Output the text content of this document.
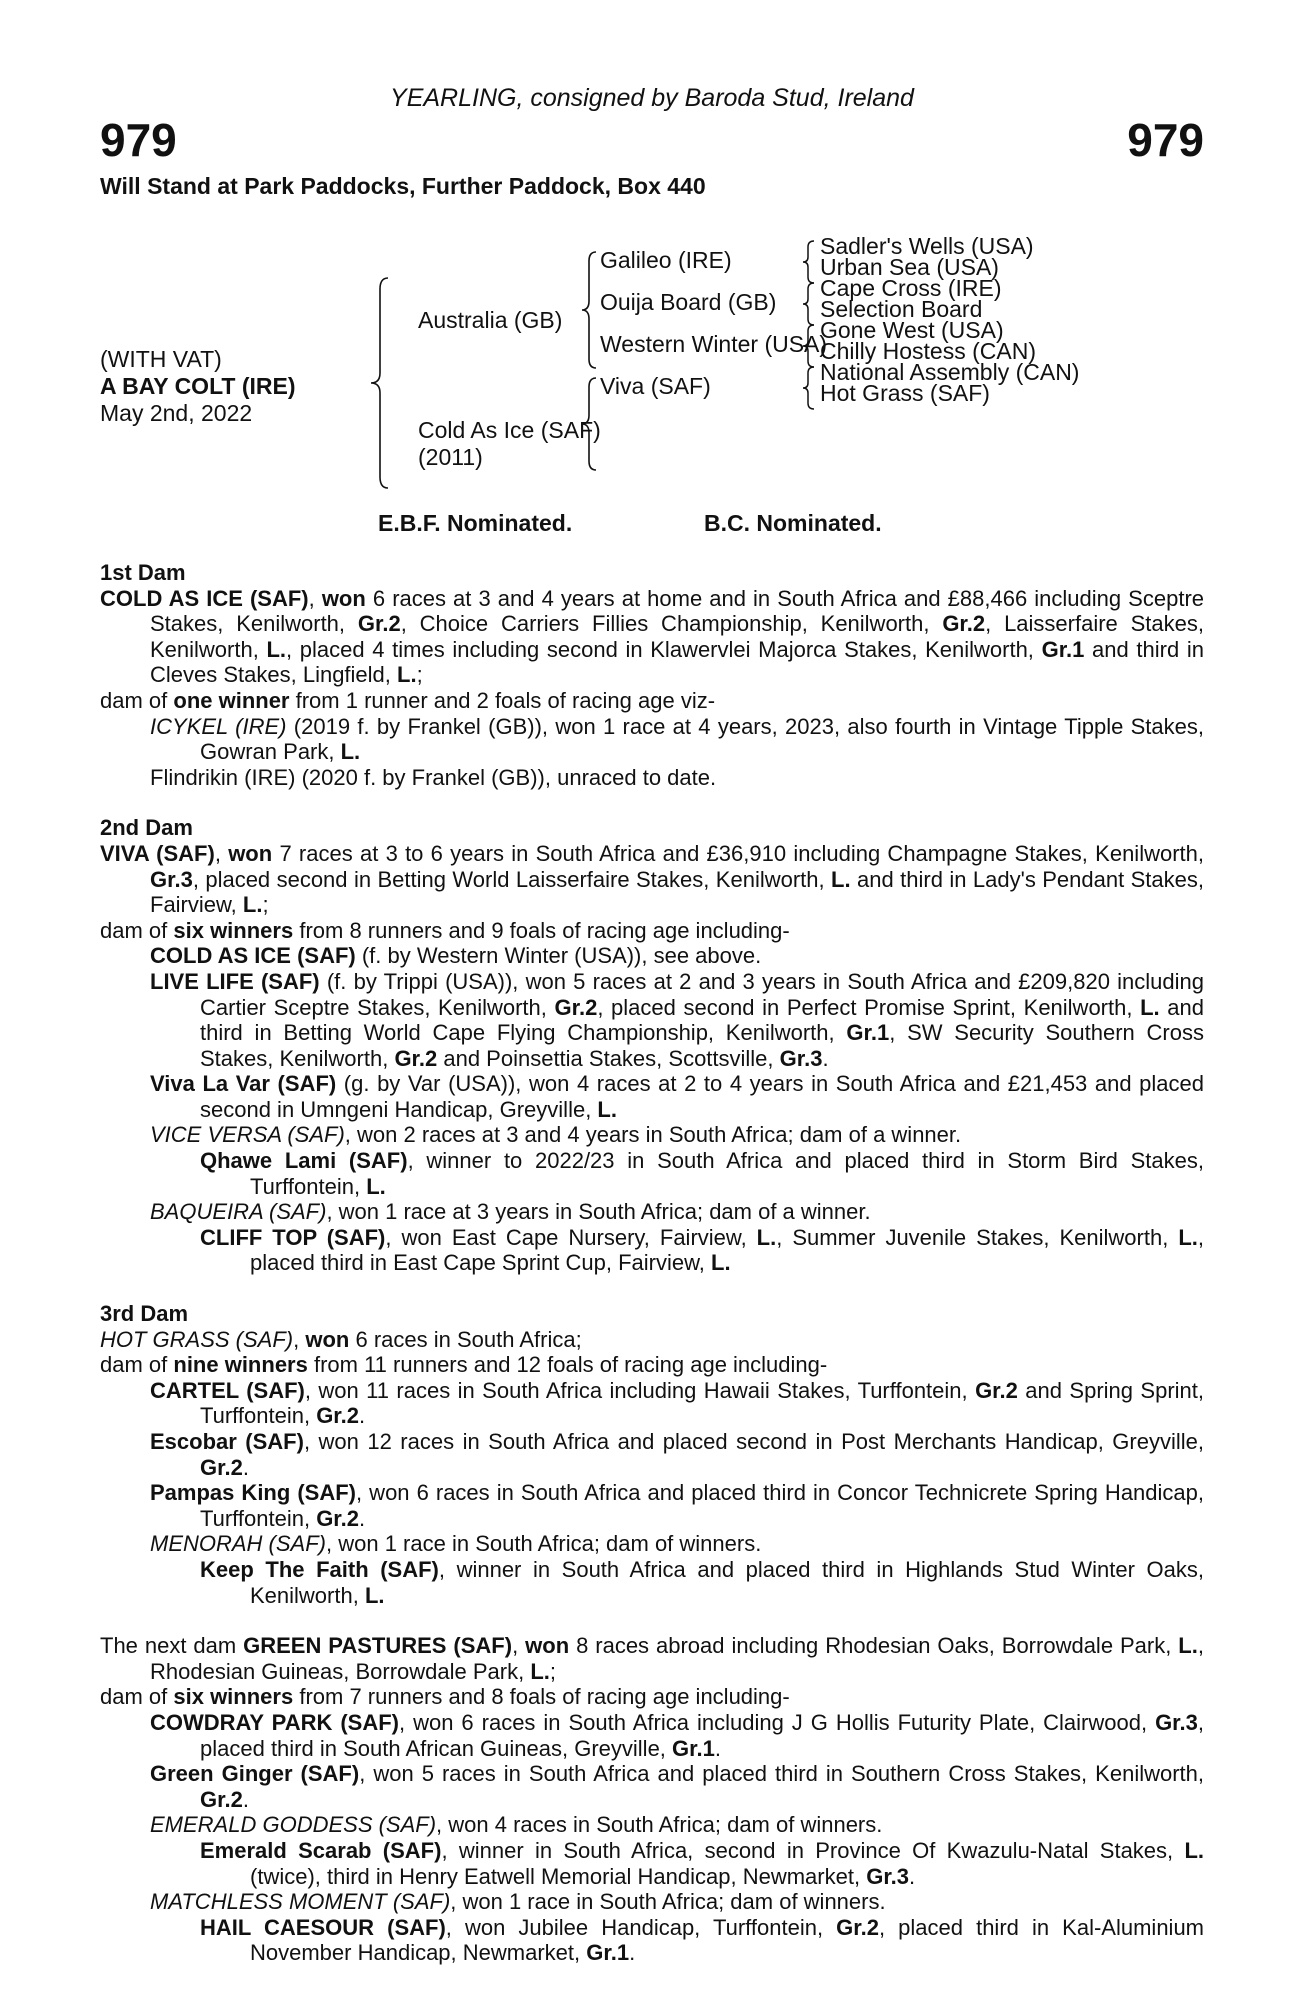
YEARLING, consigned by Baroda Stud, Ireland
979	979
Will Stand at Park Paddocks, Further Paddock, Box 440
(WITH VAT)
A BAY COLT (IRE)
May 2nd, 2022
Australia (GB)
Cold As Ice (SAF)
(2011)
Galileo (IRE)
Ouija Board (GB)
Western Winter (USA)
Viva (SAF)
Sadler's Wells (USA)
Urban Sea (USA)
Cape Cross (IRE)
Selection Board
Gone West (USA)
Chilly Hostess (CAN)
National Assembly (CAN)
Hot Grass (SAF)
E.B.F. Nominated.	B.C. Nominated.
1st Dam
COLD AS ICE (SAF), won 6 races at 3 and 4 years at home and in South Africa and £88,466 including Sceptre Stakes, Kenilworth, Gr.2, Choice Carriers Fillies Championship, Kenilworth, Gr.2, Laisserfaire Stakes, Kenilworth, L., placed 4 times including second in Klawervlei Majorca Stakes, Kenilworth, Gr.1 and third in Cleves Stakes, Lingfield, L.;
dam of one winner from 1 runner and 2 foals of racing age viz-
ICYKEL (IRE) (2019 f. by Frankel (GB)), won 1 race at 4 years, 2023, also fourth in Vintage Tipple Stakes, Gowran Park, L.
Flindrikin (IRE) (2020 f. by Frankel (GB)), unraced to date.
2nd Dam
VIVA (SAF), won 7 races at 3 to 6 years in South Africa and £36,910 including Champagne Stakes, Kenilworth, Gr.3, placed second in Betting World Laisserfaire Stakes, Kenilworth, L. and third in Lady's Pendant Stakes, Fairview, L.;
dam of six winners from 8 runners and 9 foals of racing age including-
COLD AS ICE (SAF) (f. by Western Winter (USA)), see above.
LIVE LIFE (SAF) (f. by Trippi (USA)), won 5 races at 2 and 3 years in South Africa and £209,820 including Cartier Sceptre Stakes, Kenilworth, Gr.2, placed second in Perfect Promise Sprint, Kenilworth, L. and third in Betting World Cape Flying Championship, Kenilworth, Gr.1, SW Security Southern Cross Stakes, Kenilworth, Gr.2 and Poinsettia Stakes, Scottsville, Gr.3.
Viva La Var (SAF) (g. by Var (USA)), won 4 races at 2 to 4 years in South Africa and £21,453 and placed second in Umngeni Handicap, Greyville, L.
VICE VERSA (SAF), won 2 races at 3 and 4 years in South Africa; dam of a winner.
Qhawe Lami (SAF), winner to 2022/23 in South Africa and placed third in Storm Bird Stakes, Turffontein, L.
BAQUEIRA (SAF), won 1 race at 3 years in South Africa; dam of a winner.
CLIFF TOP (SAF), won East Cape Nursery, Fairview, L., Summer Juvenile Stakes, Kenilworth, L., placed third in East Cape Sprint Cup, Fairview, L.
3rd Dam
HOT GRASS (SAF), won 6 races in South Africa;
dam of nine winners from 11 runners and 12 foals of racing age including-
CARTEL (SAF), won 11 races in South Africa including Hawaii Stakes, Turffontein, Gr.2 and Spring Sprint, Turffontein, Gr.2.
Escobar (SAF), won 12 races in South Africa and placed second in Post Merchants Handicap, Greyville, Gr.2.
Pampas King (SAF), won 6 races in South Africa and placed third in Concor Technicrete Spring Handicap, Turffontein, Gr.2.
MENORAH (SAF), won 1 race in South Africa; dam of winners.
Keep The Faith (SAF), winner in South Africa and placed third in Highlands Stud Winter Oaks, Kenilworth, L.
The next dam GREEN PASTURES (SAF), won 8 races abroad including Rhodesian Oaks, Borrowdale Park, L., Rhodesian Guineas, Borrowdale Park, L.;
dam of six winners from 7 runners and 8 foals of racing age including-
COWDRAY PARK (SAF), won 6 races in South Africa including J G Hollis Futurity Plate, Clairwood, Gr.3, placed third in South African Guineas, Greyville, Gr.1.
Green Ginger (SAF), won 5 races in South Africa and placed third in Southern Cross Stakes, Kenilworth, Gr.2.
EMERALD GODDESS (SAF), won 4 races in South Africa; dam of winners.
Emerald Scarab (SAF), winner in South Africa, second in Province Of Kwazulu-Natal Stakes, L. (twice), third in Henry Eatwell Memorial Handicap, Newmarket, Gr.3.
MATCHLESS MOMENT (SAF), won 1 race in South Africa; dam of winners.
HAIL CAESOUR (SAF), won Jubilee Handicap, Turffontein, Gr.2, placed third in Kal-Aluminium November Handicap, Newmarket, Gr.1.
